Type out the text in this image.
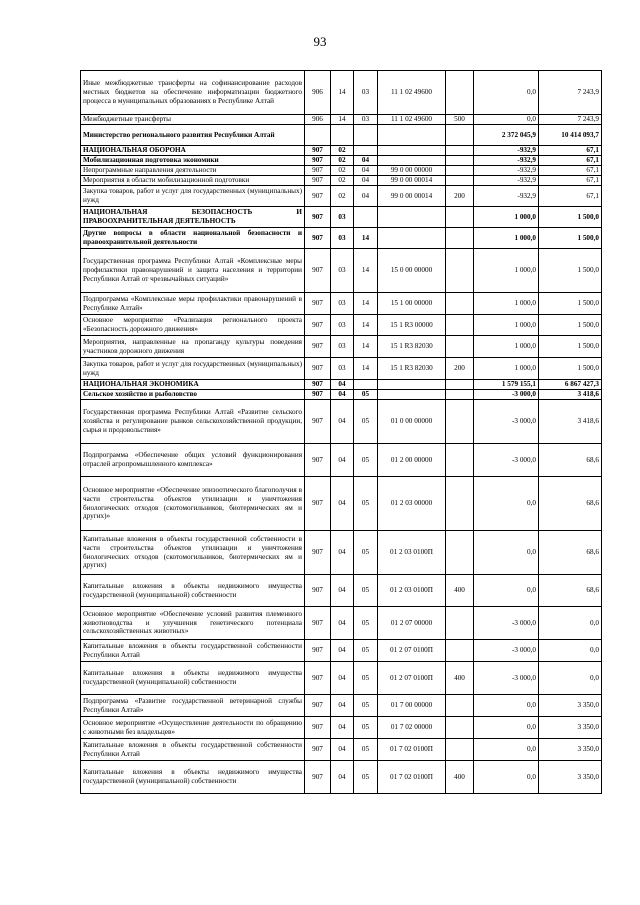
93
Иные межбюджетные трансферты на софинансирование расходов местных бюджетов на обеспечение информатизации бюджетного процесса в муниципальных образованиях в Республике Алтай	906	14	03	11 1 02 49600		0,0	7 243,9
Межбюджетные трансферты	906	14	03	11 1 02 49600	500	0,0	7 243,9
Министерство регионального развития Республики Алтай						2 372 045,9	10 414 093,7
НАЦИОНАЛЬНАЯ ОБОРОНА	907	02				-932,9	67,1
Мобилизационная подготовка экономики	907	02	04			-932,9	67,1
Непрограммные направления деятельности	907	02	04	99 0 00 00000		-932,9	67,1
Мероприятия в области мобилизационной подготовки	907	02	04	99 0 00 00014		-932,9	67,1
Закупка товаров, работ и услуг для государственных (муниципальных) нужд	907	02	04	99 0 00 00014	200	-932,9	67,1
НАЦИОНАЛЬНАЯ БЕЗОПАСНОСТЬ И ПРАВООХРАНИТЕЛЬНАЯ ДЕЯТЕЛЬНОСТЬ	907	03				1 000,0	1 500,0
Другие вопросы в области национальной безопасности и правоохранительной деятельности	907	03	14			1 000,0	1 500,0
Государственная программа Республики Алтай «Комплексные меры профилактики правонарушений и защита населения и территории Республики Алтай от чрезвычайных ситуаций»	907	03	14	15 0 00 00000		1 000,0	1 500,0
Подпрограмма «Комплексные меры профилактики правонарушений в Республике Алтай»	907	03	14	15 1 00 00000		1 000,0	1 500,0
Основное мероприятие «Реализация регионального проекта «Безопасность дорожного движения»	907	03	14	15 1 R3 00000		1 000,0	1 500,0
Мероприятия, направленные на пропаганду культуры поведения участников дорожного движения	907	03	14	15 1 R3 82030		1 000,0	1 500,0
Закупка товаров, работ и услуг для государственных (муниципальных) нужд	907	03	14	15 1 R3 82030	200	1 000,0	1 500,0
НАЦИОНАЛЬНАЯ ЭКОНОМИКА	907	04				1 579 155,1	6 867 427,3
Сельское хозяйство и рыболовство	907	04	05			-3 000,0	3 418,6
Государственная программа Республики Алтай «Развитие сельского хозяйства и регулирование рынков сельскохозяйственной продукции, сырья и продовольствия»	907	04	05	01 0 00 00000		-3 000,0	3 418,6
Подпрограмма «Обеспечение общих условий функционирования отраслей агропромышленного комплекса»	907	04	05	01 2 00 00000		-3 000,0	68,6
Основное мероприятие «Обеспечение эпизоотического благополучия в части строительства объектов утилизации и уничтожения биологических отходов (скотомогильников, биотермических ям и других)»	907	04	05	01 2 03 00000		0,0	68,6
Капитальные вложения в объекты государственной собственности в части строительства объектов утилизации и уничтожения биологических отходов (скотомогильников, биотермических ям и других)	907	04	05	01 2 03 0100П		0,0	68,6
Капитальные вложения в объекты недвижимого имущества государственной (муниципальной) собственности	907	04	05	01 2 03 0100П	400	0,0	68,6
Основное мероприятие «Обеспечение условий развития племенного животноводства и улучшения генетического потенциала сельскохозяйственных животных»	907	04	05	01 2 07 00000		-3 000,0	0,0
Капитальные вложения в объекты государственной собственности Республики Алтай	907	04	05	01 2 07 0100П		-3 000,0	0,0
Капитальные вложения в объекты недвижимого имущества государственной (муниципальной) собственности	907	04	05	01 2 07 0100П	400	-3 000,0	0,0
Подпрограмма «Развитие государственной ветеринарной службы Республики Алтай»	907	04	05	01 7 00 00000		0,0	3 350,0
Основное мероприятие «Осуществление деятельности по обращению с животными без владельцев»	907	04	05	01 7 02 00000		0,0	3 350,0
Капитальные вложения в объекты государственной собственности Республики Алтай	907	04	05	01 7 02 0100П		0,0	3 350,0
Капитальные вложения в объекты недвижимого имущества государственной (муниципальной) собственности	907	04	05	01 7 02 0100П	400	0,0	3 350,0
